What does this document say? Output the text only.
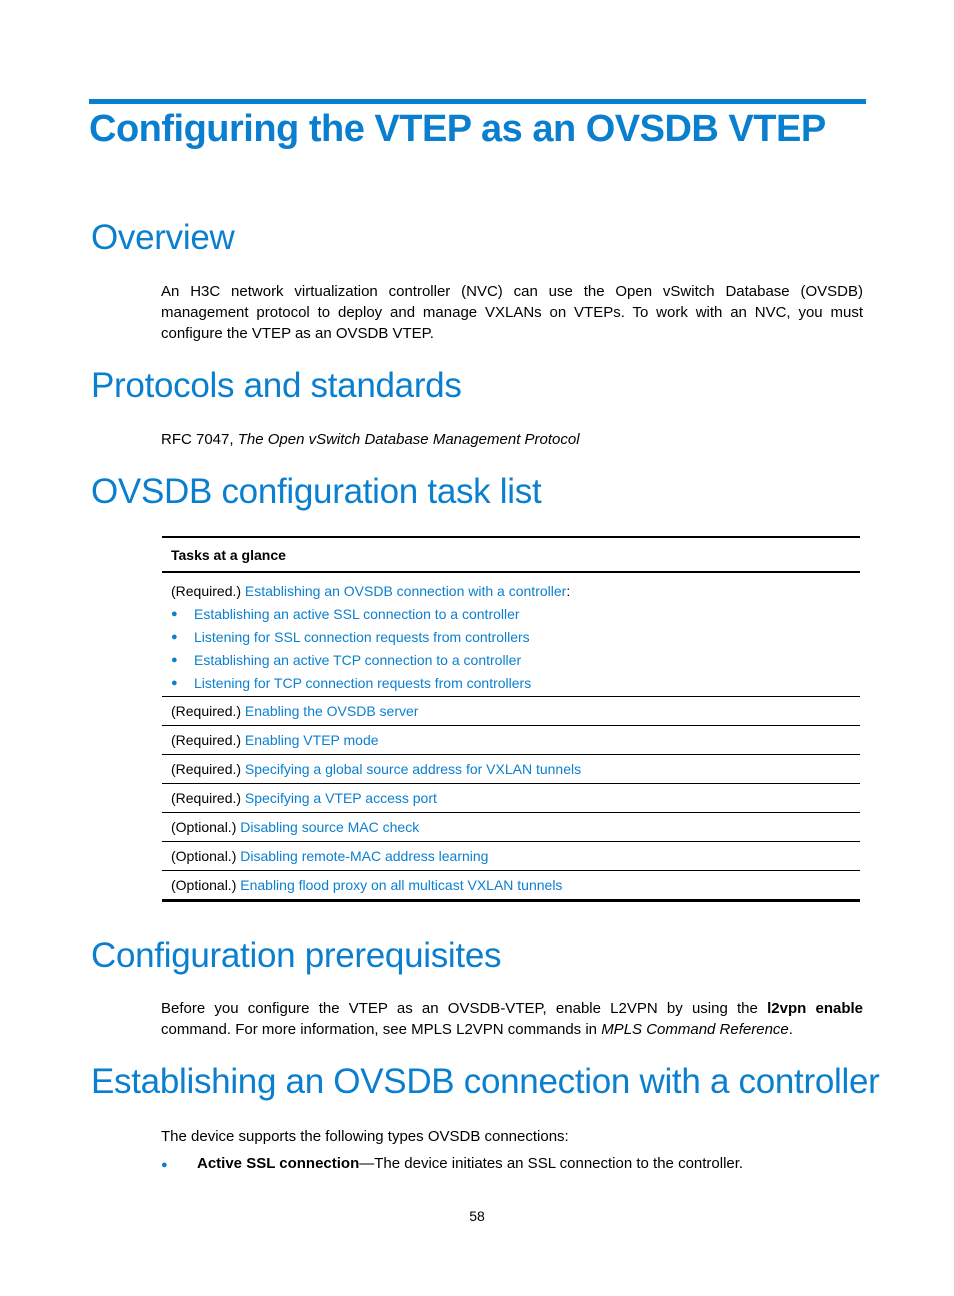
Configuring the VTEP as an OVSDB VTEP
Overview

An H3C network virtualization controller (NVC) can use the Open vSwitch Database (OVSDB) management protocol to deploy and manage VXLANs on VTEPs. To work with an NVC, you must configure the VTEP as an OVSDB VTEP.

Protocols and standards

RFC 7047, The Open vSwitch Database Management Protocol

OVSDB configuration task list
Tasks at a glance

(Required.)
Establishing an OVSDB connection with a controller :
●	Establishing an active SSL connection to a controller
●	Listening for SSL connection requests from controllers
●	Establishing an active TCP connection to a controller
●	Listening for TCP connection requests from controllers

(Required.) Enabling the OVSDB server
(Required.) Enabling VTEP mode
(Required.) Specifying a global source address for VXLAN tunnels
(Required.) Specifying a VTEP access port
(Optional.) Disabling source MAC check
(Optional.) Disabling remote-MAC address learning
(Optional.) Enabling flood proxy on all multicast VXLAN tunnels
Configuration prerequisites

Before you configure the VTEP as an OVSDB-VTEP, enable L2VPN by using the l2vpn enable command. For more information, see MPLS L2VPN commands in MPLS Command Reference.

Establishing an OVSDB connection with a controller

The device supports the following types OVSDB connections:

● Active SSL connection—The device initiates an SSL connection to the controller.

58
